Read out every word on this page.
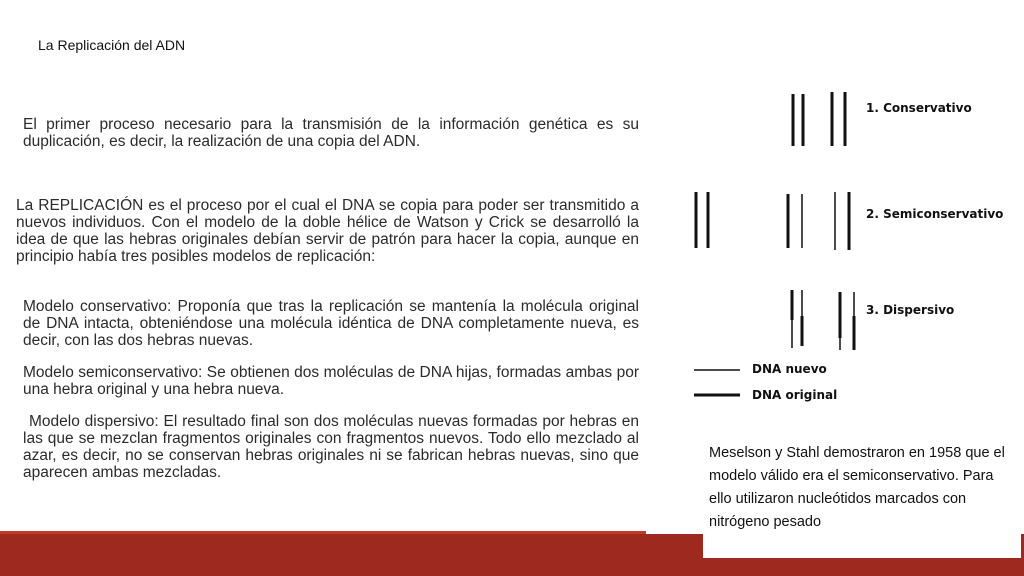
La Replicación del ADN
El primer proceso necesario para la transmisión de la información genética es su duplicación, es decir, la realización de una copia del ADN.
La REPLICACIÓN es el proceso por el cual el DNA se copia para poder ser transmitido a nuevos individuos. Con el modelo de la doble hélice de Watson y Crick se desarrolló la idea de que las hebras originales debían servir de patrón para hacer la copia, aunque en principio había tres posibles modelos de replicación:
Modelo conservativo: Proponía que tras la replicación se mantenía la molécula original de DNA intacta, obteniéndose una molécula idéntica de DNA completamente nueva, es decir, con las dos hebras nuevas.
Modelo semiconservativo: Se obtienen dos moléculas de DNA hijas, formadas ambas por una hebra original y una hebra nueva.
Modelo dispersivo: El resultado final son dos moléculas nuevas formadas por hebras en las que se mezclan fragmentos originales con fragmentos nuevos. Todo ello mezclado al azar, es decir, no se conservan hebras originales ni se fabrican hebras nuevas, sino que aparecen ambas mezcladas.
1. Conservativo
2. Semiconservativo
3. Dispersivo
DNA nuevo
DNA original
Meselson y Stahl demostraron en 1958 que el modelo válido era el semiconservativo. Para ello utilizaron nucleótidos marcados con nitrógeno pesado
